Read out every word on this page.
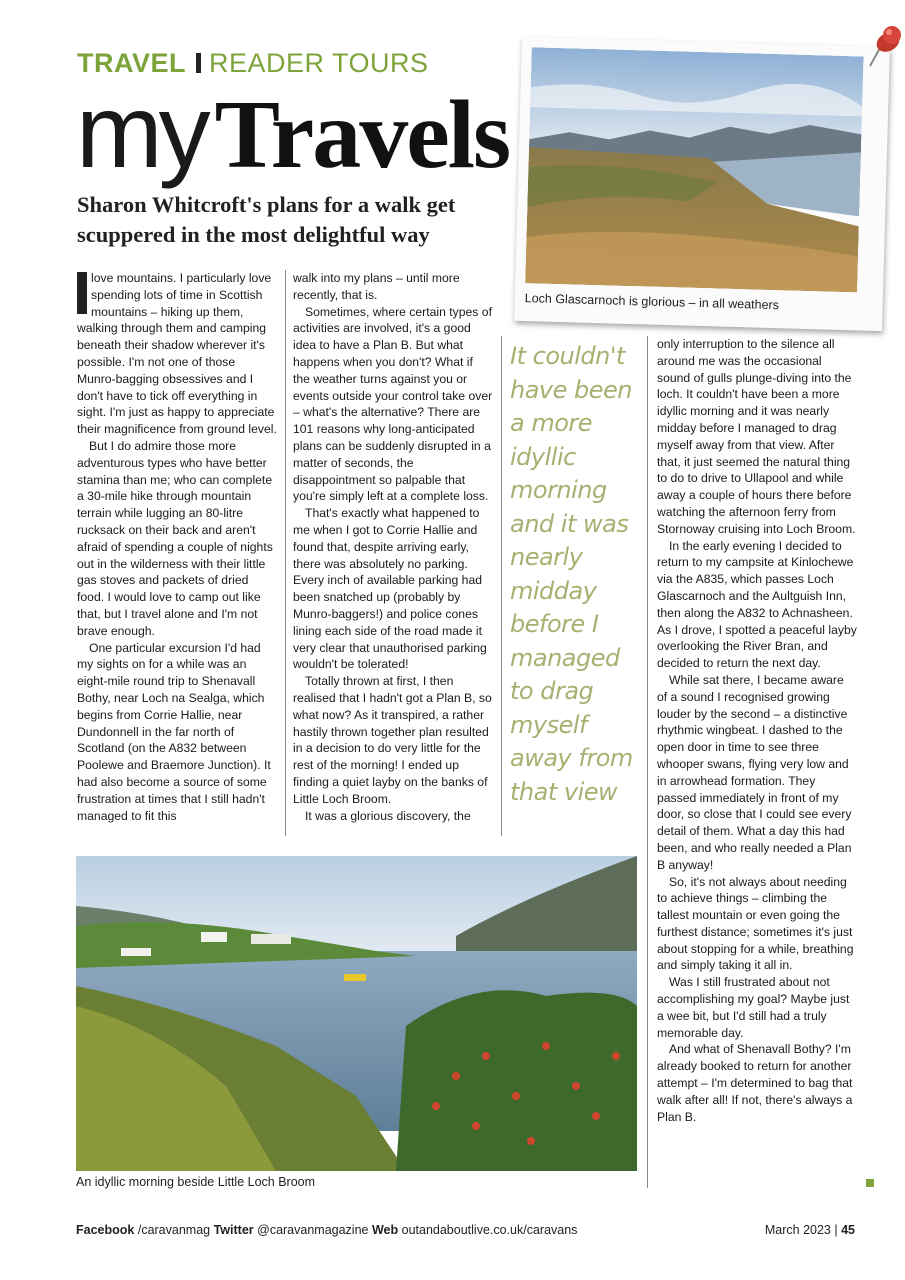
TRAVEL READER TOURS
myTravels
Sharon Whitcroft's plans for a walk get scuppered in the most delightful way
Loch Glascarnoch is glorious – in all weathers

love mountains. I particularly love spending lots of time in Scottish mountains – hiking up them, walking through them and camping beneath their shadow wherever it's possible. I'm not one of those Munro-bagging obsessives and I don't have to tick off everything in sight. I'm just as happy to appreciate their magnificence from ground level.

But I do admire those more adventurous types who have better stamina than me; who can complete a 30-mile hike through mountain terrain while lugging an 80-litre rucksack on their back and aren't afraid of spending a couple of nights out in the wilderness with their little gas stoves and packets of dried food. I would love to camp out like that, but I travel alone and I'm not brave enough.

One particular excursion I'd had my sights on for a while was an eight-mile round trip to Shenavall Bothy, near Loch na Sealga, which begins from Corrie Hallie, near Dundonnell in the far north of Scotland (on the A832 between Poolewe and Braemore Junction). It had also become a source of some frustration at times that I still hadn't managed to fit this

walk into my plans – until more recently, that is.

Sometimes, where certain types of activities are involved, it's a good idea to have a Plan B. But what happens when you don't? What if the weather turns against you or events outside your control take over – what's the alternative? There are 101 reasons why long-anticipated plans can be suddenly disrupted in a matter of seconds, the disappointment so palpable that you're simply left at a complete loss.

That's exactly what happened to me when I got to Corrie Hallie and found that, despite arriving early, there was absolutely no parking. Every inch of available parking had been snatched up (probably by Munro-baggers!) and police cones lining each side of the road made it very clear that unauthorised parking wouldn't be tolerated!

Totally thrown at first, I then realised that I hadn't got a Plan B, so what now? As it transpired, a rather hastily thrown together plan resulted in a decision to do very little for the rest of the morning! I ended up finding a quiet layby on the banks of Little Loch Broom.

It was a glorious discovery, the

It couldn't have been a more idyllic morning and it was nearly midday before I managed to drag myself away from that view

only interruption to the silence all around me was the occasional sound of gulls plunge-diving into the loch. It couldn't have been a more idyllic morning and it was nearly midday before I managed to drag myself away from that view. After that, it just seemed the natural thing to do to drive to Ullapool and while away a couple of hours there before watching the afternoon ferry from Stornoway cruising into Loch Broom.

In the early evening I decided to return to my campsite at Kinlochewe via the A835, which passes Loch Glascarnoch and the Aultguish Inn, then along the A832 to Achnasheen. As I drove, I spotted a peaceful layby overlooking the River Bran, and decided to return the next day.

While sat there, I became aware of a sound I recognised growing louder by the second – a distinctive rhythmic wingbeat. I dashed to the open door in time to see three whooper swans, flying very low and in arrowhead formation. They passed immediately in front of my door, so close that I could see every detail of them. What a day this had been, and who really needed a Plan B anyway!

So, it's not always about needing to achieve things – climbing the tallest mountain or even going the furthest distance; sometimes it's just about stopping for a while, breathing and simply taking it all in.

Was I still frustrated about not accomplishing my goal? Maybe just a wee bit, but I'd still had a truly memorable day.

And what of Shenavall Bothy? I'm already booked to return for another attempt – I'm determined to bag that walk after all! If not, there's always a Plan B.

An idyllic morning beside Little Loch Broom
Facebook /caravanmag Twitter @caravanmagazine Web outandaboutlive.co.uk/caravans	March 2023 | 45
